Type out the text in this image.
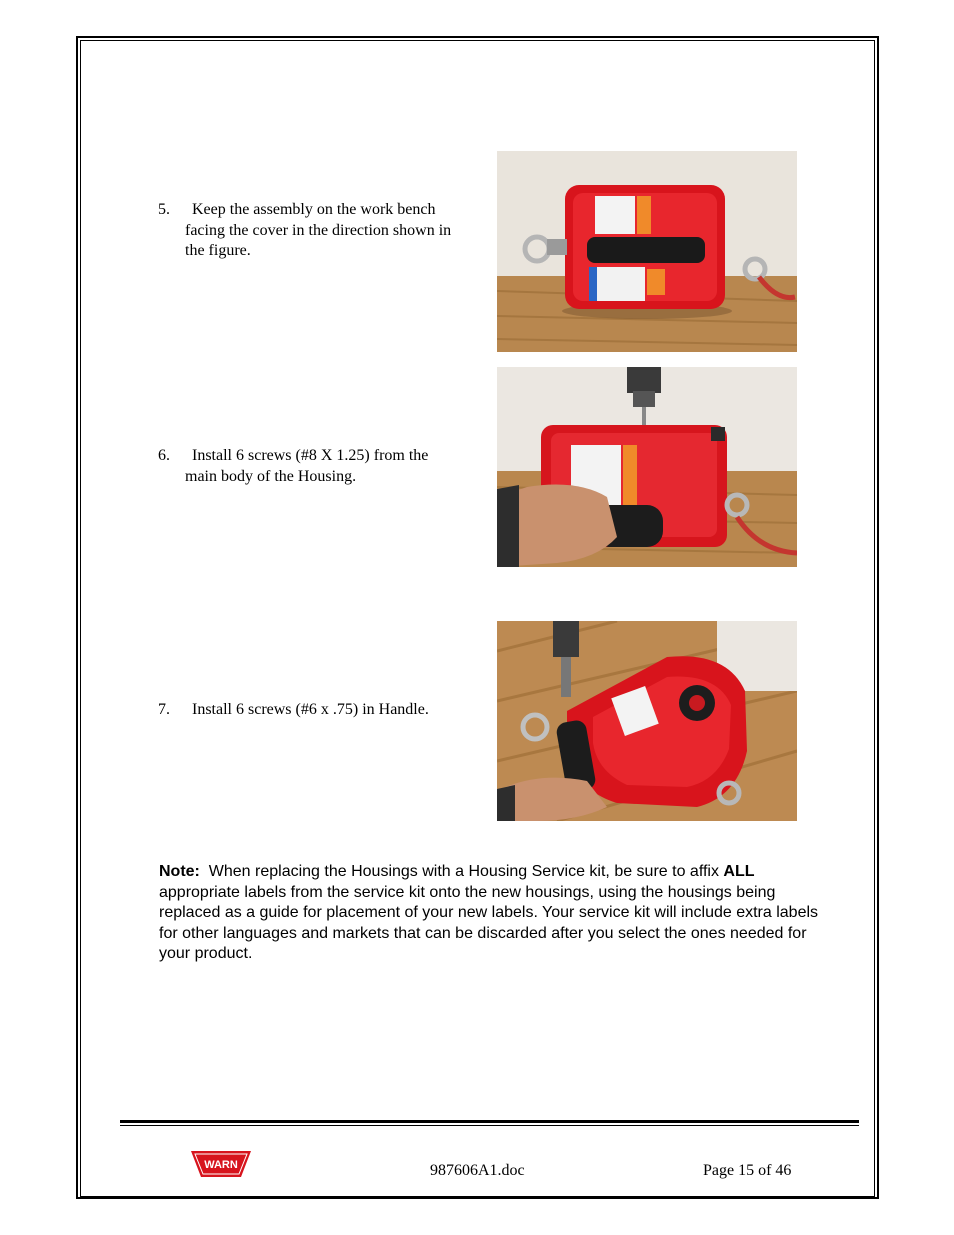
5. Keep the assembly on the work bench
facing the cover in the direction shown in
the figure.
6. Install 6 screws (#8 X 1.25) from the
main body of the Housing.
7. Install 6 screws (#6 x .75) in Handle.
Note: When replacing the Housings with a Housing Service kit, be sure to affix ALL appropriate labels from the service kit onto the new housings, using the housings being replaced as a guide for placement of your new labels. Your service kit will include extra labels for other languages and markets that can be discarded after you select the ones needed for your product.
WARN	987606A1.doc	Page 15 of 46
